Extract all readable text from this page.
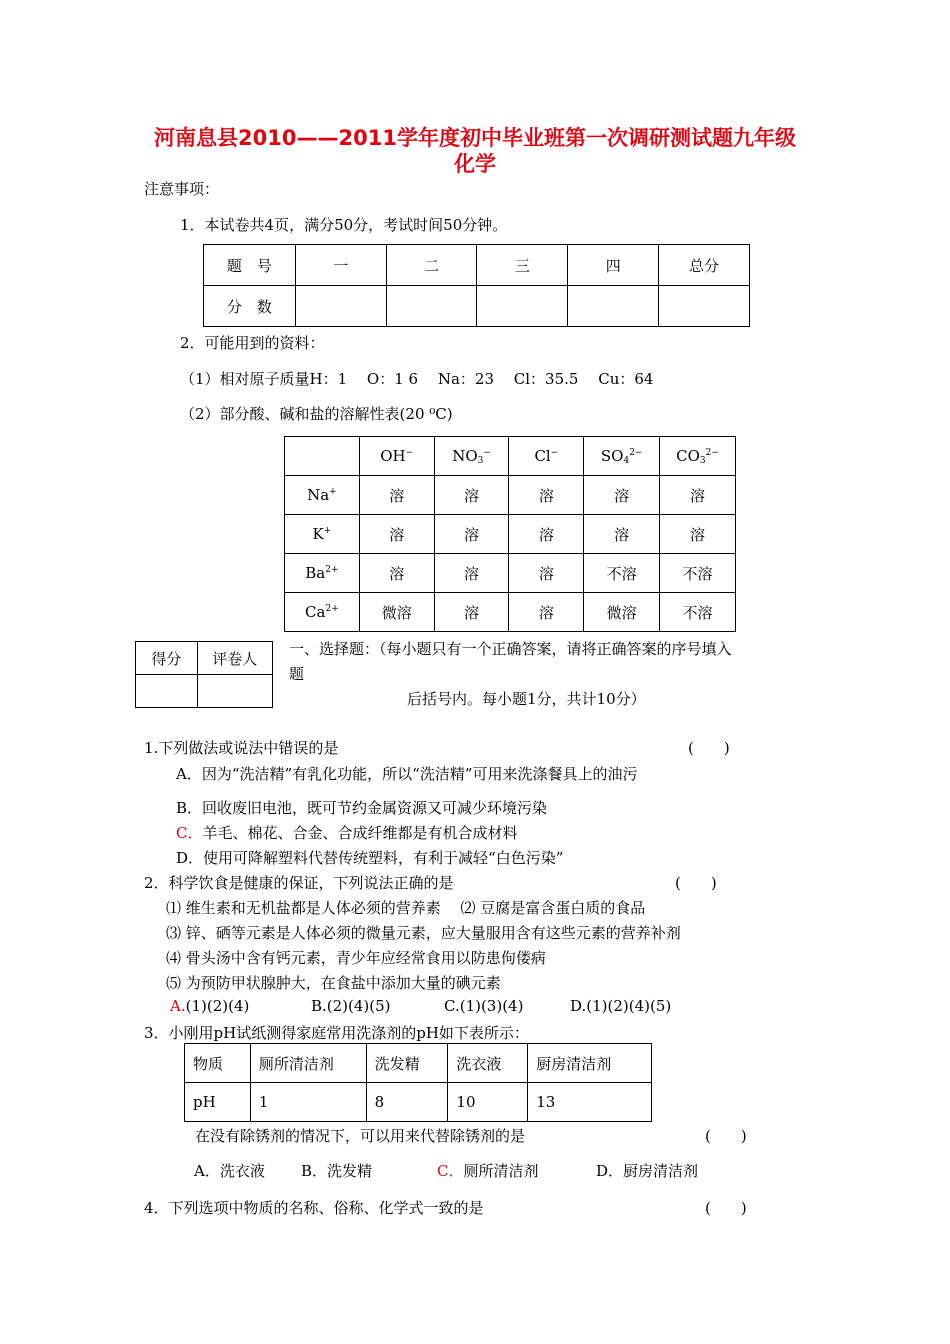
河南息县2010——2011学年度初中毕业班第一次调研测试题九年级
化学
注意事项：
1．本试卷共4页，满分50分，考试时间50分钟。
题　号	一	二	三	四	总分
分　数					
2．可能用到的资料：
（1）相对原子质量H：1　 O：1 6　 Na：23　 Cl：35.5　 Cu：64
（2）部分酸、碱和盐的溶解性表(20 ⁰C)
	OH−	$NO_3^-$	Cl−	$SO_4^{2-}$	$CO_3^{2-}$
Na+	溶	溶	溶	溶	溶
K+	溶	溶	溶	溶	溶
$Ba^{2+}$	溶	溶	溶	不溶	不溶
$Ca^{2+}$	微溶	溶	溶	微溶	不溶
得分	评卷人

一、选择题：（每小题只有一个正确答案，请将正确答案的序号填入
题
后括号内。每小题1分，共计10分）
1.下列做法或说法中错误的是	(　　)
A．因为“洗洁精”有乳化功能，所以“洗洁精”可用来洗涤餐具上的油污
B．回收废旧电池，既可节约金属资源又可减少环境污染
C．羊毛、棉花、合金、合成纤维都是有机合成材料
D．使用可降解塑料代替传统塑料，有利于减轻“白色污染”
2．科学饮食是健康的保证，下列说法正确的是	(　　)
⑴ 维生素和无机盐都是人体必须的营养素　 ⑵ 豆腐是富含蛋白质的食品
⑶ 锌、硒等元素是人体必须的微量元素，应大量服用含有这些元素的营养补剂
⑷ 骨头汤中含有钙元素，青少年应经常食用以防患佝偻病
⑸ 为预防甲状腺肿大，在食盐中添加大量的碘元素
A.(1)(2)(4)	B.(2)(4)(5)	C.(1)(3)(4)	D.(1)(2)(4)(5)
3．小刚用pH试纸测得家庭常用洗涤剂的pH如下表所示：
物质	厕所清洁剂	洗发精	洗衣液	厨房清洁剂
pH	1	8	10	13
在没有除锈剂的情况下，可以用来代替除锈剂的是	(　　)
A．洗衣液 B．洗发精	C．厕所清洁剂	D．厨房清洁剂
4．下列选项中物质的名称、俗称、化学式一致的是	(　　)
